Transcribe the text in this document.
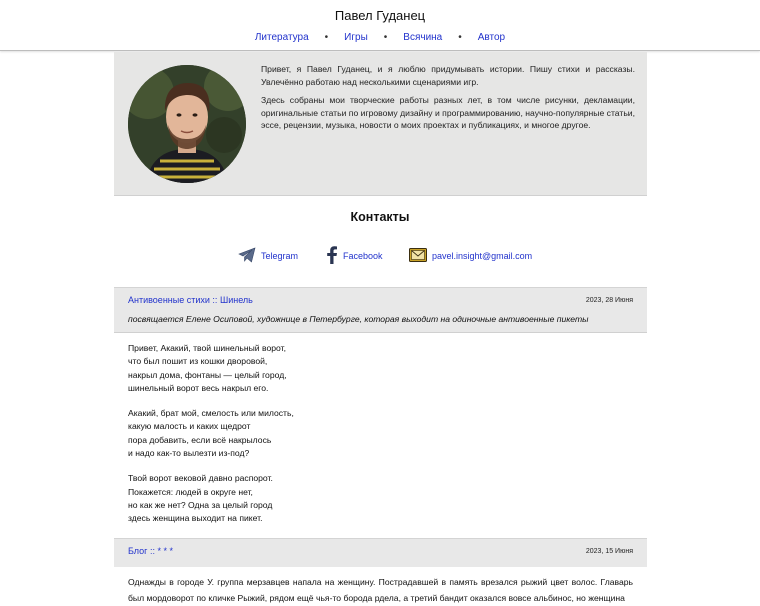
Павел Гуданец
Литература • Игры • Всячина • Автор

Привет, я Павел Гуданец, и я люблю придумывать истории. Пишу стихи и рассказы. Увлечённо работаю над несколькими сценариями игр.

Здесь собраны мои творческие работы разных лет, в том числе рисунки, декламации, оригинальные статьи по игровому дизайну и программированию, научно-популярные статьи, эссе, рецензии, музыка, новости о моих проектах и публикациях, и многое другое.

Контакты
Telegram	Facebook	pavel.insight@gmail.com
Антивоенные стихи :: Шинель	2023, 28 Июня
посвящается Елене Осиповой, художнице в Петербурге, которая выходит на одиночные антивоенные пикеты
Привет, Акакий, твой шинельный ворот,
что был пошит из кошки дворовой,
накрыл дома, фонтаны — целый город,
шинельный ворот весь накрыл его.
Акакий, брат мой, смелость или милость,
какую малость и каких щедрот
пора добавить, если всё накрылось
и надо как-то вылезти из-под?
Твой ворот вековой давно распорот.
Покажется: людей в округе нет,
но как же нет? Одна за целый город
здесь женщина выходит на пикет.
Блог :: * * *	2023, 15 Июня
Однажды в городе У. группа мерзавцев напала на женщину. Пострадавшей в память врезался рыжий цвет волос. Главарь был мордоворот по кличке Рыжий, рядом ещё чья-то борода рдела, а третий бандит оказался вовсе альбинос, но женщина
